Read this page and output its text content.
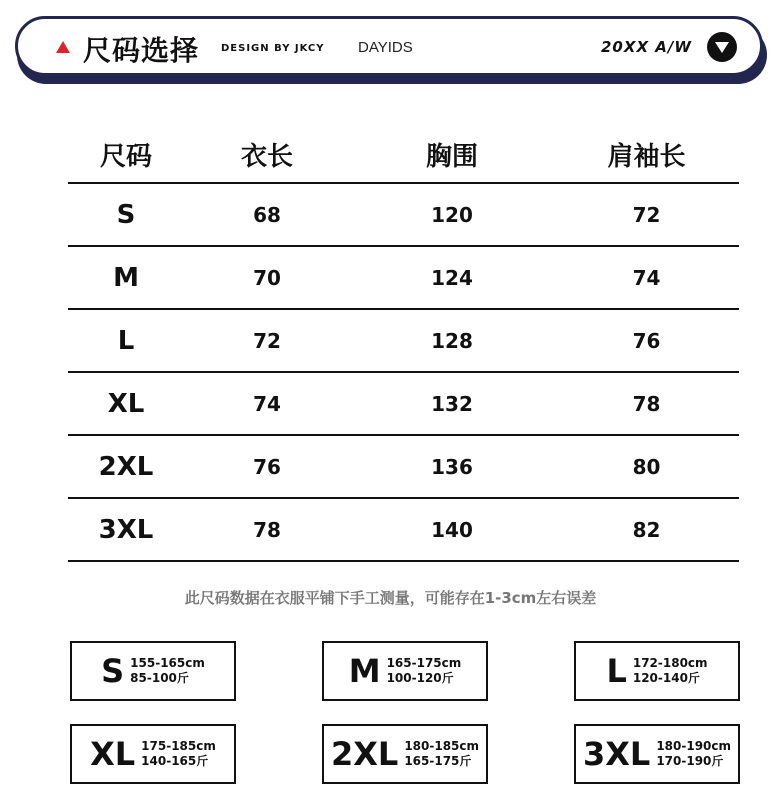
尺码选择 DESIGN BY JKCY DAYIDS	20XX A/W
尺码	衣长	胸围	肩袖长
S	68	120	72
M	70	124	74
L	72	128	76
XL	74	132	78
2XL	76	136	80
3XL	78	140	82
此尺码数据在衣服平铺下手工测量，可能存在1-3cm左右误差
S 155-165cm
85-100斤	M 165-175cm
100-120斤	L 172-180cm
120-140斤
XL 175-185cm
140-165斤	2XL 180-185cm
165-175斤	3XL 180-190cm
170-190斤
